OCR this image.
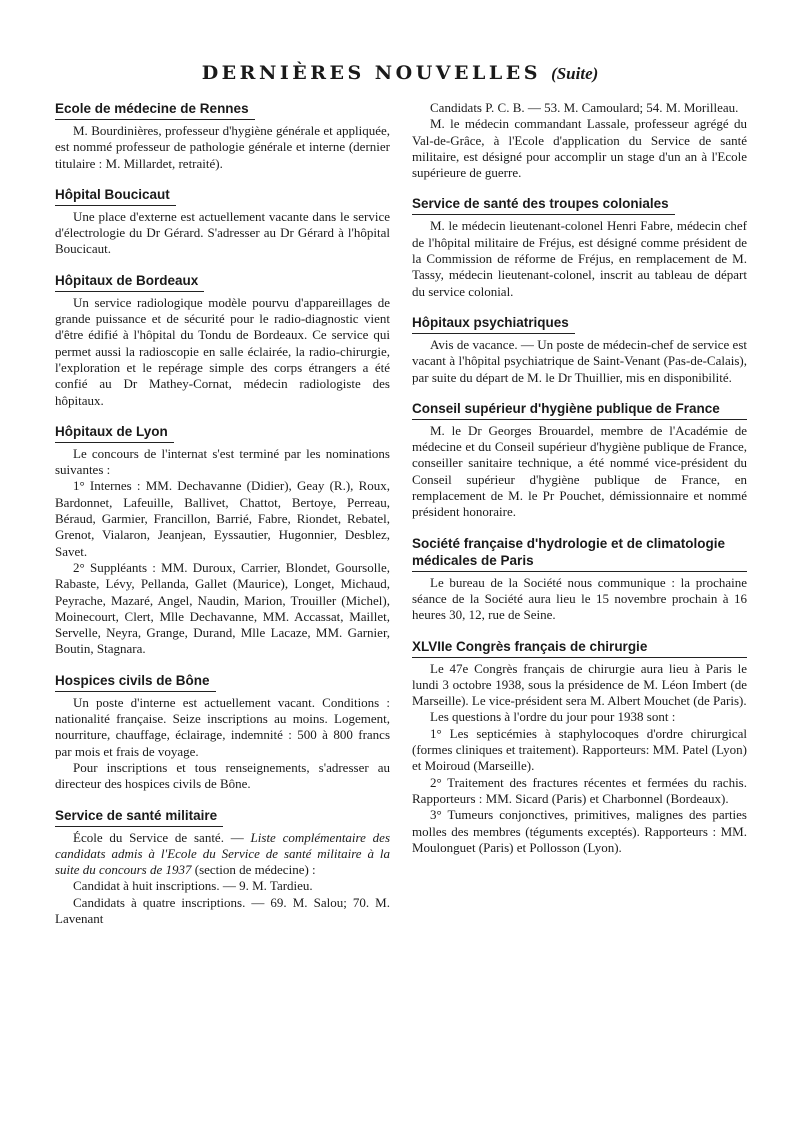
DERNIÈRES NOUVELLES (Suite)
Ecole de médecine de Rennes

M. Bourdinières, professeur d'hygiène générale et appliquée, est nommé professeur de pathologie générale et interne (dernier titulaire : M. Millardet, retraité).

Hôpital Boucicaut

Une place d'externe est actuellement vacante dans le service d'électrologie du Dr Gérard. S'adresser au Dr Gérard à l'hôpital Boucicaut.

Hôpitaux de Bordeaux

Un service radiologique modèle pourvu d'appareillages de grande puissance et de sécurité pour le radio-diagnostic vient d'être édifié à l'hôpital du Tondu de Bordeaux. Ce service qui permet aussi la radioscopie en salle éclairée, la radio-chirurgie, l'exploration et le repérage simple des corps étrangers a été confié au Dr Mathey-Cornat, médecin radiologiste des hôpitaux.

Hôpitaux de Lyon

Le concours de l'internat s'est terminé par les nominations suivantes :

1° Internes : MM. Dechavanne (Didier), Geay (R.), Roux, Bardonnet, Lafeuille, Ballivet, Chattot, Bertoye, Perreau, Béraud, Garmier, Francillon, Barrié, Fabre, Riondet, Rebatel, Grenot, Vialaron, Jeanjean, Eyssautier, Hugonnier, Desblez, Savet.

2° Suppléants : MM. Duroux, Carrier, Blondet, Goursolle, Rabaste, Lévy, Pellanda, Gallet (Maurice), Longet, Michaud, Peyrache, Mazaré, Angel, Naudin, Marion, Trouiller (Michel), Moinecourt, Clert, Mlle Dechavanne, MM. Accassat, Maillet, Servelle, Neyra, Grange, Durand, Mlle Lacaze, MM. Garnier, Boutin, Stagnara.

Hospices civils de Bône

Un poste d'interne est actuellement vacant. Conditions : nationalité française. Seize inscriptions au moins. Logement, nourriture, chauffage, éclairage, indemnité : 500 à 800 francs par mois et frais de voyage.

Pour inscriptions et tous renseignements, s'adresser au directeur des hospices civils de Bône.

Service de santé militaire

École du Service de santé. — Liste complémentaire des candidats admis à l'Ecole du Service de santé militaire à la suite du concours de 1937 (section de médecine) :

Candidat à huit inscriptions. — 9. M. Tardieu.

Candidats à quatre inscriptions. — 69. M. Salou; 70. M. Lavenant

Candidats P. C. B. — 53. M. Camoulard; 54. M. Morilleau.

M. le médecin commandant Lassale, professeur agrégé du Val-de-Grâce, à l'Ecole d'application du Service de santé militaire, est désigné pour accomplir un stage d'un an à l'Ecole supérieure de guerre.

Service de santé des troupes coloniales

M. le médecin lieutenant-colonel Henri Fabre, médecin chef de l'hôpital militaire de Fréjus, est désigné comme président de la Commission de réforme de Fréjus, en remplacement de M. Tassy, médecin lieutenant-colonel, inscrit au tableau de départ du service colonial.

Hôpitaux psychiatriques

Avis de vacance. — Un poste de médecin-chef de service est vacant à l'hôpital psychiatrique de Saint-Venant (Pas-de-Calais), par suite du départ de M. le Dr Thuillier, mis en disponibilité.

Conseil supérieur d'hygiène publique de France

M. le Dr Georges Brouardel, membre de l'Académie de médecine et du Conseil supérieur d'hygiène publique de France, conseiller sanitaire technique, a été nommé vice-président du Conseil supérieur d'hygiène publique de France, en remplacement de M. le Pr Pouchet, démissionnaire et nommé président honoraire.

Société française d'hydrologie et de climatologie médicales de Paris

Le bureau de la Société nous communique : la prochaine séance de la Société aura lieu le 15 novembre prochain à 16 heures 30, 12, rue de Seine.

XLVIIe Congrès français de chirurgie

Le 47e Congrès français de chirurgie aura lieu à Paris le lundi 3 octobre 1938, sous la présidence de M. Léon Imbert (de Marseille). Le vice-président sera M. Albert Mouchet (de Paris).

Les questions à l'ordre du jour pour 1938 sont :

1° Les septicémies à staphylocoques d'ordre chirurgical (formes cliniques et traitement). Rapporteurs: MM. Patel (Lyon) et Moiroud (Marseille).

2° Traitement des fractures récentes et fermées du rachis. Rapporteurs : MM. Sicard (Paris) et Charbonnel (Bordeaux).

3° Tumeurs conjonctives, primitives, malignes des parties molles des membres (téguments exceptés). Rapporteurs : MM. Moulonguet (Paris) et Pollosson (Lyon).
